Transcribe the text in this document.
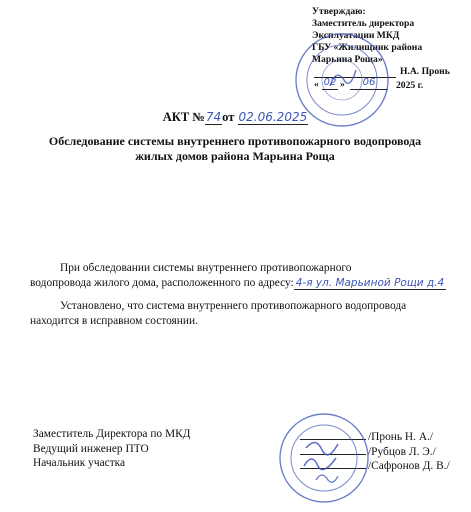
Утверждаю:
Заместитель директора
Эксплуатации МКД
ГБУ «Жилищник района
Марьина Роща»
Н.А. Пронь
« 02 »	06	2025 г.
АКТ №74от 02.06.2025
Обследование системы внутреннего противопожарного водопровода
жилых домов района Марьина Роща
При обследовании системы внутреннего противопожарного
водопровода жилого дома, расположенного по адресу: 4-я ул. Марьиной Рощи д.4
Установлено, что система внутреннего противопожарного водопровода
находится в исправном состоянии.
Заместитель Директора по МКД
Ведущий инженер ПТО
Начальник участка
/Пронь Н. А./
/Рубцов Л. Э./
/Сафронов Д. В./
